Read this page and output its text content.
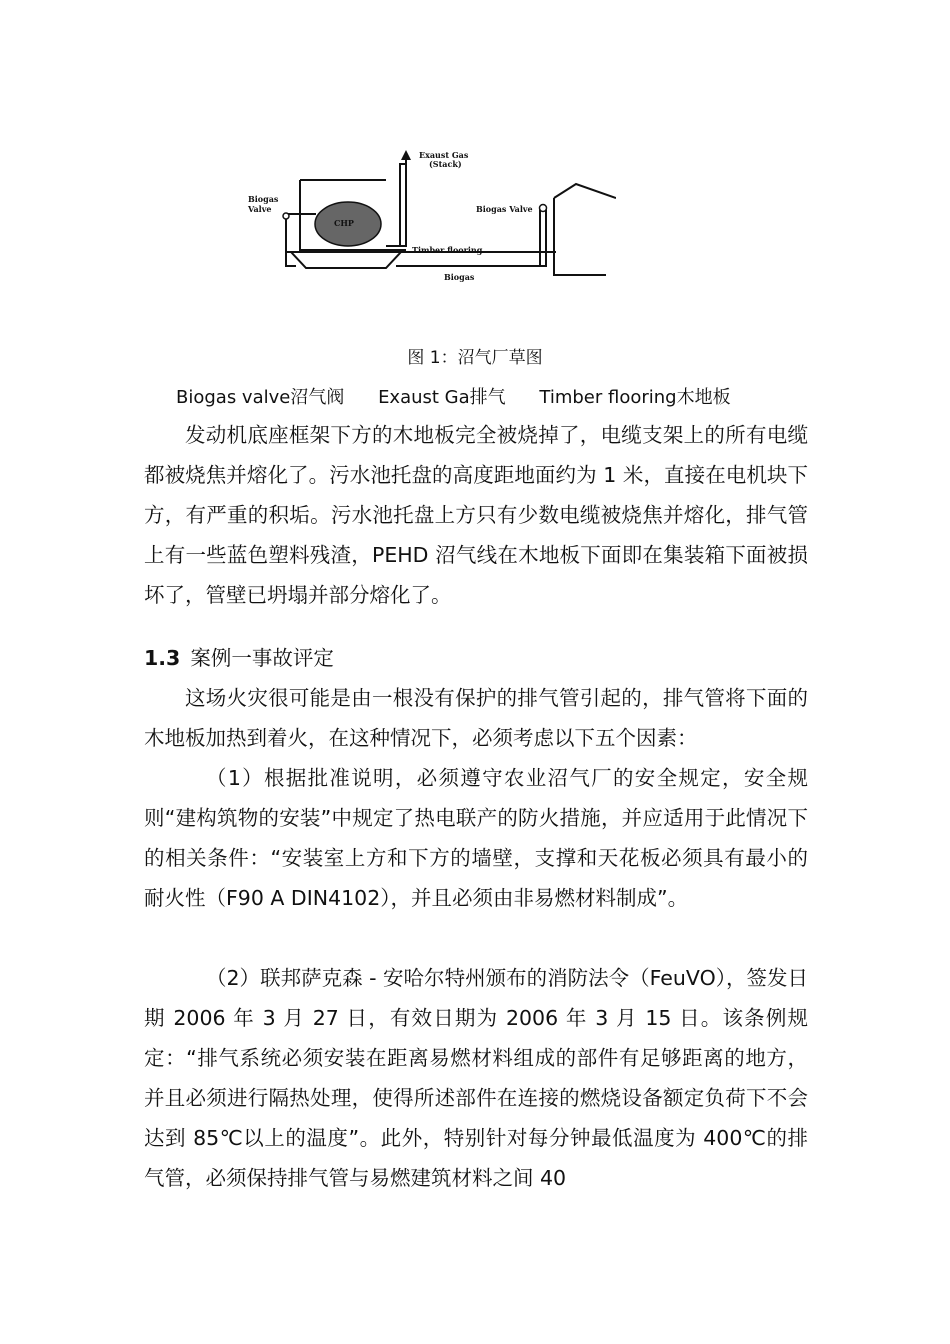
Exaust Gas
(Stack)
Biogas
Valve
CHP
Biogas Valve
Timber flooring
Biogas
图 1：沼气厂草图
Biogas valve沼气阀 Exaust Ga排气 Timber flooring木地板

发动机底座框架下方的木地板完全被烧掉了，电缆支架上的所有电缆都被烧焦并熔化了。污水池托盘的高度距地面约为 1 米，直接在电机块下方，有严重的积垢。污水池托盘上方只有少数电缆被烧焦并熔化，排气管上有一些蓝色塑料残渣，PEHD 沼气线在木地板下面即在集装箱下面被损坏了，管壁已坍塌并部分熔化了。

1.3 案例一事故评定

这场火灾很可能是由一根没有保护的排气管引起的，排气管将下面的木地板加热到着火，在这种情况下，必须考虑以下五个因素：

（1）根据批准说明，必须遵守农业沼气厂的安全规定，安全规则“建构筑物的安装”中规定了热电联产的防火措施，并应适用于此情况下的相关条件：“安装室上方和下方的墙壁，支撑和天花板必须具有最小的耐火性（F90 A DIN4102），并且必须由非易燃材料制成”。

（2）联邦萨克森 - 安哈尔特州颁布的消防法令（FeuVO），签发日期 2006 年 3 月 27 日，有效日期为 2006 年 3 月 15 日。该条例规定：“排气系统必须安装在距离易燃材料组成的部件有足够距离的地方，并且必须进行隔热处理，使得所述部件在连接的燃烧设备额定负荷下不会达到 85℃以上的温度”。此外，特别针对每分钟最低温度为 400℃的排气管，必须保持排气管与易燃建筑材料之间 40
